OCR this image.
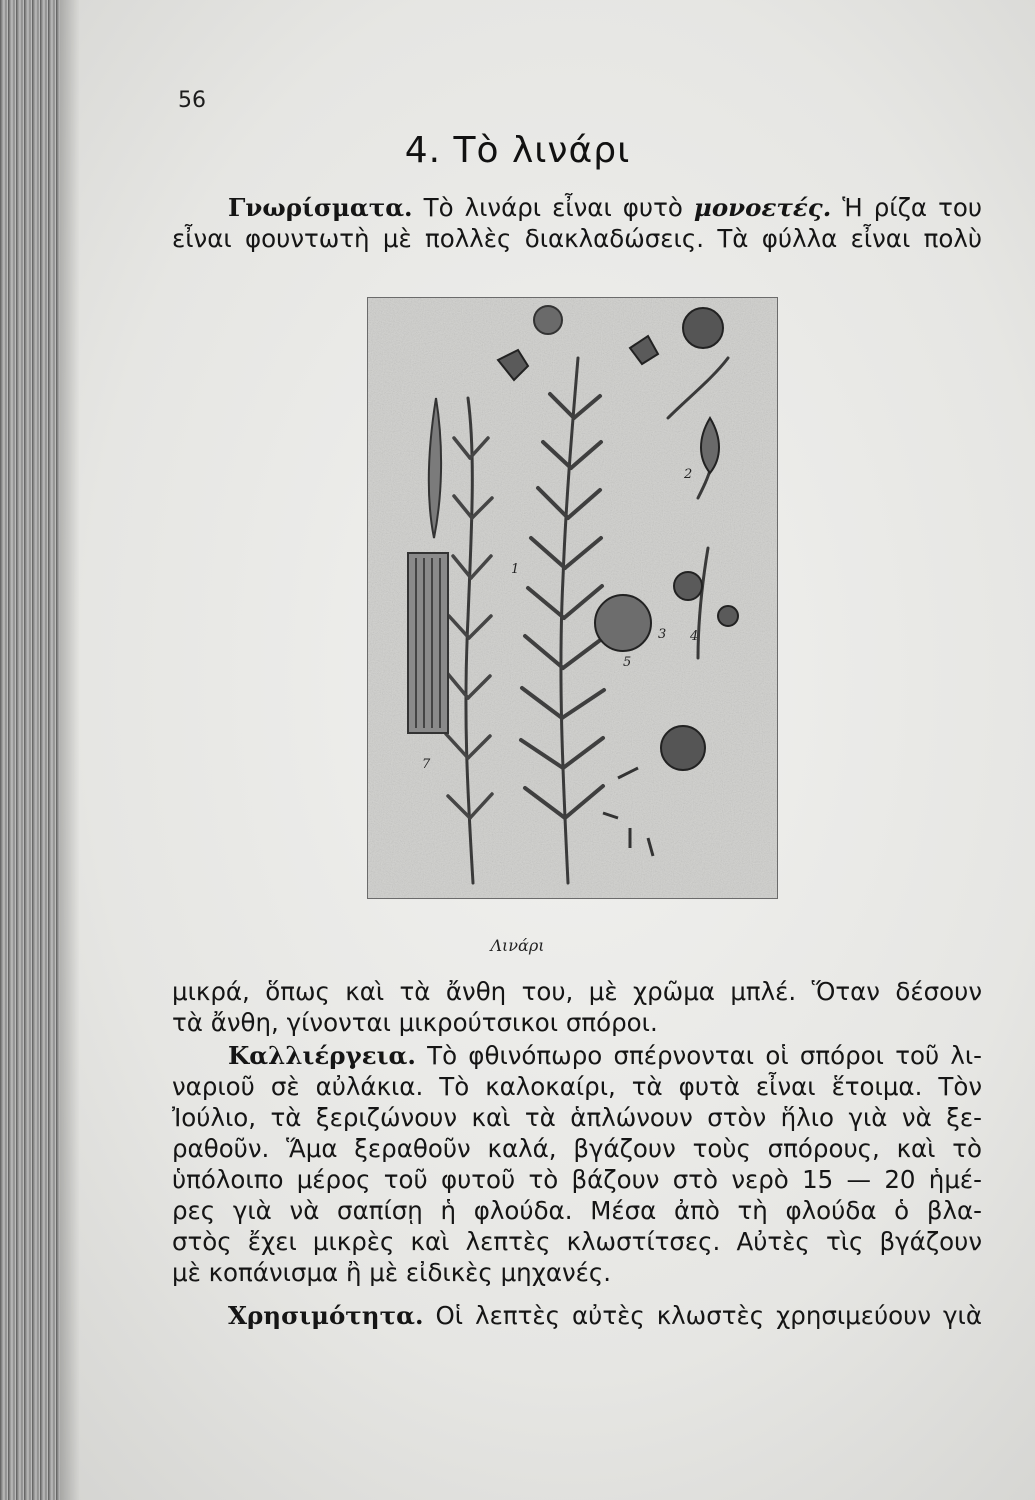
56
4. Τὸ λινάρι
Γνωρίσματα. Τὸ λινάρι εἶναι φυτὸ μονοετές. Ἡ ρίζα του
εἶναι φουντωτὴ μὲ πολλὲς διακλαδώσεις. Τὰ φύλλα εἶναι πολὺ
1
2
3 4
5
7
Λινάρι
μικρά, ὅπως καὶ τὰ ἄνθη του, μὲ χρῶμα μπλέ. Ὅταν δέσουν
τὰ ἄνθη, γίνονται μικρούτσικοι σπόροι.
Καλλιέργεια. Τὸ φθινόπωρο σπέρνονται οἱ σπόροι τοῦ λι-
ναριοῦ σὲ αὐλάκια. Τὸ καλοκαίρι, τὰ φυτὰ εἶναι ἕτοιμα. Τὸν
Ἰούλιο, τὰ ξεριζώνουν καὶ τὰ ἁπλώνουν στὸν ἥλιο γιὰ νὰ ξε-
ραθοῦν. Ἅμα ξεραθοῦν καλά, βγάζουν τοὺς σπόρους, καὶ τὸ
ὑπόλοιπο μέρος τοῦ φυτοῦ τὸ βάζουν στὸ νερὸ 15 — 20 ἡμέ-
ρες γιὰ νὰ σαπίσῃ ἡ φλούδα. Μέσα ἀπὸ τὴ φλούδα ὁ βλα-
στὸς ἔχει μικρὲς καὶ λεπτὲς κλωστίτσες. Αὐτὲς τὶς βγάζουν
μὲ κοπάνισμα ἢ μὲ εἰδικὲς μηχανές.
Χρησιμότητα. Οἱ λεπτὲς αὐτὲς κλωστὲς χρησιμεύουν γιὰ
